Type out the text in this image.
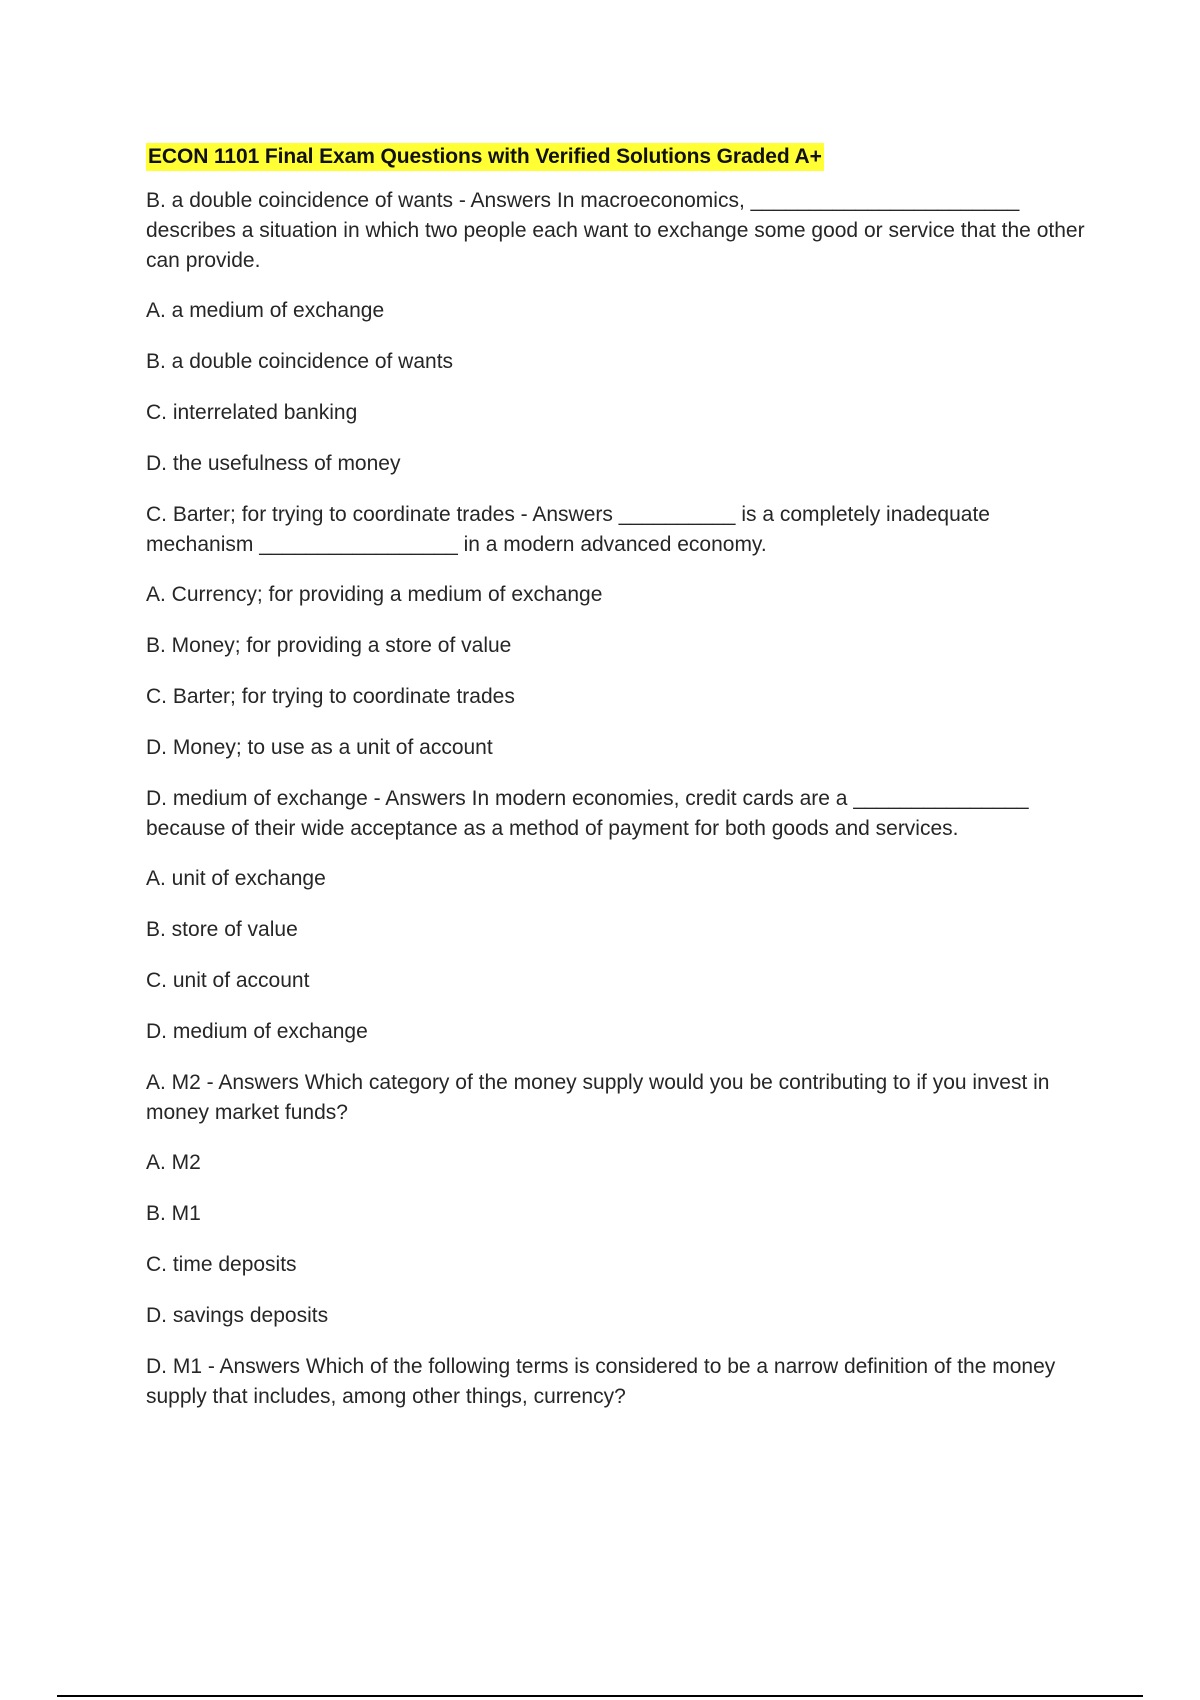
ECON 1101 Final Exam Questions with Verified Solutions Graded A+
B. a double coincidence of wants - Answers In macroeconomics, _______________________ describes a situation in which two people each want to exchange some good or service that the other can provide.
A. a medium of exchange
B. a double coincidence of wants
C. interrelated banking
D. the usefulness of money
C. Barter; for trying to coordinate trades - Answers __________ is a completely inadequate mechanism _________________ in a modern advanced economy.
A. Currency; for providing a medium of exchange
B. Money; for providing a store of value
C. Barter; for trying to coordinate trades
D. Money; to use as a unit of account
D. medium of exchange - Answers In modern economies, credit cards are a _______________ because of their wide acceptance as a method of payment for both goods and services.
A. unit of exchange
B. store of value
C. unit of account
D. medium of exchange
A. M2 - Answers Which category of the money supply would you be contributing to if you invest in money market funds?
A. M2
B. M1
C. time deposits
D. savings deposits
D. M1 - Answers Which of the following terms is considered to be a narrow definition of the money supply that includes, among other things, currency?
